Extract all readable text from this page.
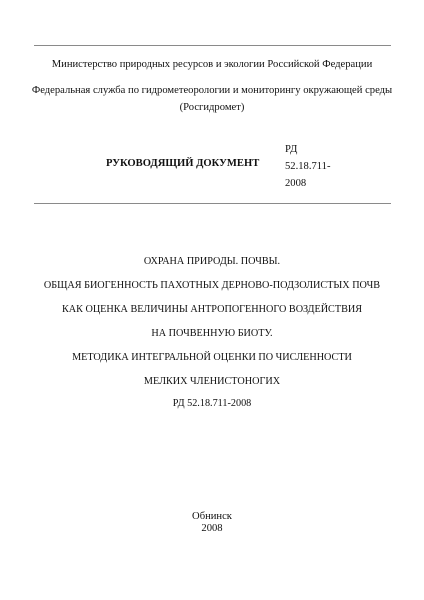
Министерство природных ресурсов и экологии Российской Федерации
Федеральная служба по гидрометеорологии и мониторингу окружающей среды
(Росгидромет)
РУКОВОДЯЩИЙ ДОКУМЕНТ
РД
52.18.711-
2008
ОХРАНА ПРИРОДЫ. ПОЧВЫ.
ОБЩАЯ БИОГЕННОСТЬ ПАХОТНЫХ ДЕРНОВО-ПОДЗОЛИСТЫХ ПОЧВ
КАК ОЦЕНКА ВЕЛИЧИНЫ АНТРОПОГЕННОГО ВОЗДЕЙСТВИЯ
НА ПОЧВЕННУЮ БИОТУ.
МЕТОДИКА ИНТЕГРАЛЬНОЙ ОЦЕНКИ ПО ЧИСЛЕННОСТИ
МЕЛКИХ ЧЛЕНИСТОНОГИХ
РД 52.18.711-2008
Обнинск
2008
